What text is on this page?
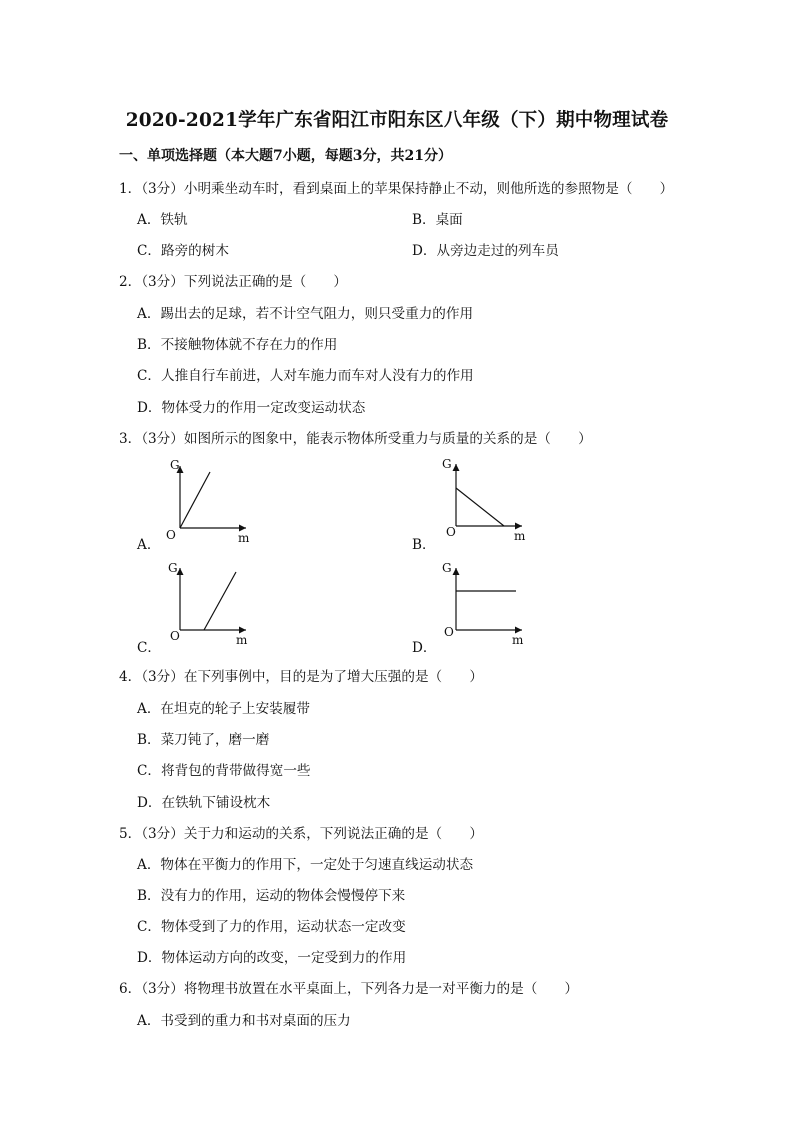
2020-2021学年广东省阳江市阳东区八年级（下）期中物理试卷
一、单项选择题（本大题7小题，每题3分，共21分）
1．（3分）小明乘坐动车时，看到桌面上的苹果保持静止不动，则他所选的参照物是（　　）
A．铁轨	B．桌面
C．路旁的树木	D．从旁边走过的列车员
2．（3分）下列说法正确的是（　　）
A．踢出去的足球，若不计空气阻力，则只受重力的作用
B．不接触物体就不存在力的作用
C．人推自行车前进，人对车施力而车对人没有力的作用
D．物体受力的作用一定改变运动状态
3．（3分）如图所示的图象中，能表示物体所受重力与质量的关系的是（　　）
A．
G
O	m	B．
G
O	m
C．
G
O	m	D．
G
O
m
4．（3分）在下列事例中，目的是为了增大压强的是（　　）
A．在坦克的轮子上安装履带
B．菜刀钝了，磨一磨
C．将背包的背带做得宽一些
D．在铁轨下铺设枕木
5．（3分）关于力和运动的关系，下列说法正确的是（　　）
A．物体在平衡力的作用下，一定处于匀速直线运动状态
B．没有力的作用，运动的物体会慢慢停下来
C．物体受到了力的作用，运动状态一定改变
D．物体运动方向的改变，一定受到力的作用
6．（3分）将物理书放置在水平桌面上，下列各力是一对平衡力的是（　　）
A．书受到的重力和书对桌面的压力
